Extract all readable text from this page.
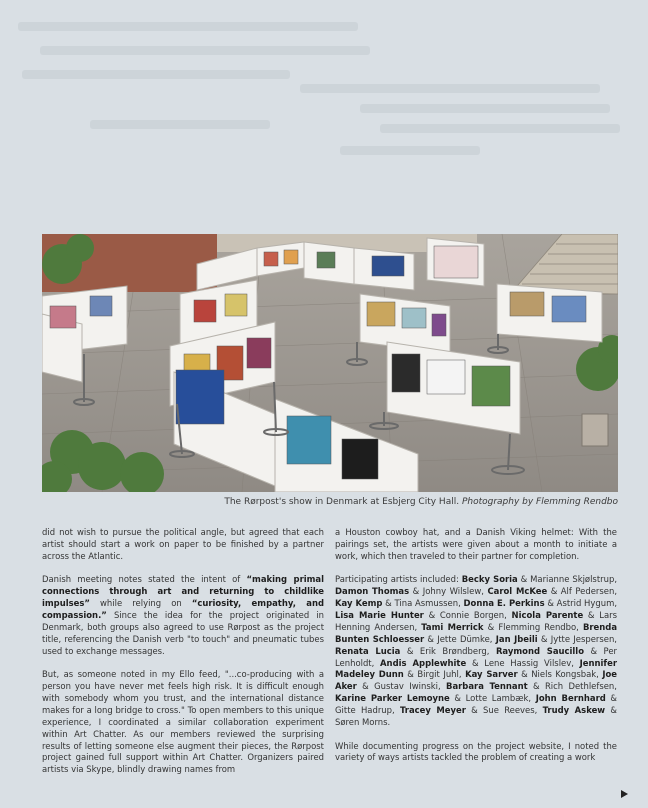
The Rørpost's show in Denmark at Esbjerg City Hall. Photography by Flemming Rendbo

did not wish to pursue the political angle, but agreed that each artist should start a work on paper to be finished by a partner across the Atlantic.

Danish meeting notes stated the intent of “making primal connections through art and returning to childlike impulses” while relying on “curiosity, empathy, and compassion.” Since the idea for the project originated in Denmark, both groups also agreed to use Rørpost as the project title, referencing the Danish verb "to touch" and pneumatic tubes used to exchange messages.

But, as someone noted in my Ello feed, "...co-producing with a person you have never met feels high risk. It is difficult enough with somebody whom you trust, and the international distance makes for a long bridge to cross." To open members to this unique experience, I coordinated a similar collaboration experiment within Art Chatter. As our members reviewed the surprising results of letting someone else augment their pieces, the Rørpost project gained full support within Art Chatter. Organizers paired artists via Skype, blindly drawing names from

a Houston cowboy hat, and a Danish Viking helmet: With the pairings set, the artists were given about a month to initiate a work, which then traveled to their partner for completion.

Participating artists included: Becky Soria & Marianne Skjølstrup, Damon Thomas & Johny Wilslew, Carol McKee & Alf Pedersen, Kay Kemp & Tina Asmussen, Donna E. Perkins & Astrid Hygum, Lisa Marie Hunter & Connie Borgen, Nicola Parente & Lars Henning Andersen, Tami Merrick & Flemming Rendbo, Brenda Bunten Schloesser & Jette Dümke, Jan Jbeili & Jytte Jespersen, Renata Lucia & Erik Brøndberg, Raymond Saucillo & Per Lenholdt, Andis Applewhite & Lene Hassig Vilslev, Jennifer Madeley Dunn & Birgit Juhl, Kay Sarver & Niels Kongsbak, Joe Aker & Gustav Iwinski, Barbara Tennant & Rich Dethlefsen, Karine Parker Lemoyne & Lotte Lambæk, John Bernhard & Gitte Hadrup, Tracey Meyer & Sue Reeves, Trudy Askew & Søren Morns.

While documenting progress on the project website, I noted the variety of ways artists tackled the problem of creating a work
